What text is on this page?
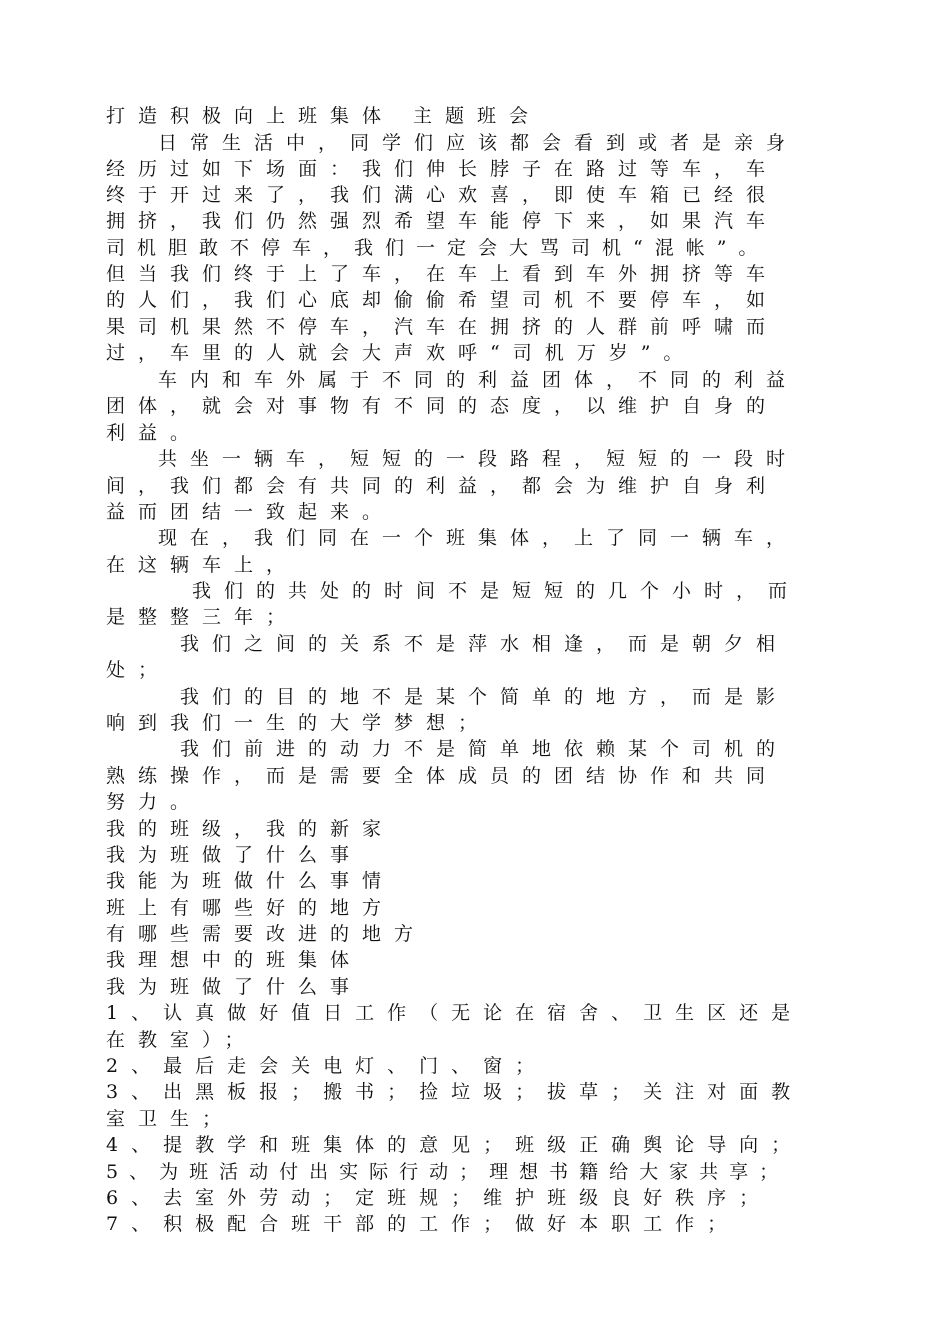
打造积极向上班集体 主题班会
日常生活中，同学们应该都会看到或者是亲身
经历过如下场面：我们伸长脖子在路过等车，车
终于开过来了，我们满心欢喜，即使车箱已经很
拥挤，我们仍然强烈希望车能停下来，如果汽车
司机胆敢不停车，我们一定会大骂司机“混帐”。
但当我们终于上了车，在车上看到车外拥挤等车
的人们，我们心底却偷偷希望司机不要停车，如
果司机果然不停车，汽车在拥挤的人群前呼啸而
过，车里的人就会大声欢呼“司机万岁”。
车内和车外属于不同的利益团体，不同的利益
团体，就会对事物有不同的态度，以维护自身的
利益。
共坐一辆车，短短的一段路程，短短的一段时
间，我们都会有共同的利益，都会为维护自身利
益而团结一致起来。
现在，我们同在一个班集体，上了同一辆车，
在这辆车上，
我们的共处的时间不是短短的几个小时，而
是整整三年；
我们之间的关系不是萍水相逢，而是朝夕相
处；
我们的目的地不是某个简单的地方，而是影
响到我们一生的大学梦想；
我们前进的动力不是简单地依赖某个司机的
熟练操作，而是需要全体成员的团结协作和共同
努力。
我的班级，我的新家
我为班做了什么事
我能为班做什么事情
班上有哪些好的地方
有哪些需要改进的地方
我理想中的班集体
我为班做了什么事
1、认真做好值日工作（无论在宿舍、卫生区还是
在教室）；
2、最后走会关电灯、门、窗；
3、出黑板报；搬书；捡垃圾；拔草；关注对面教
室卫生；
4、提教学和班集体的意见；班级正确舆论导向；
5、为班活动付出实际行动；理想书籍给大家共享；
6、去室外劳动；定班规；维护班级良好秩序；
7、积极配合班干部的工作；做好本职工作；
